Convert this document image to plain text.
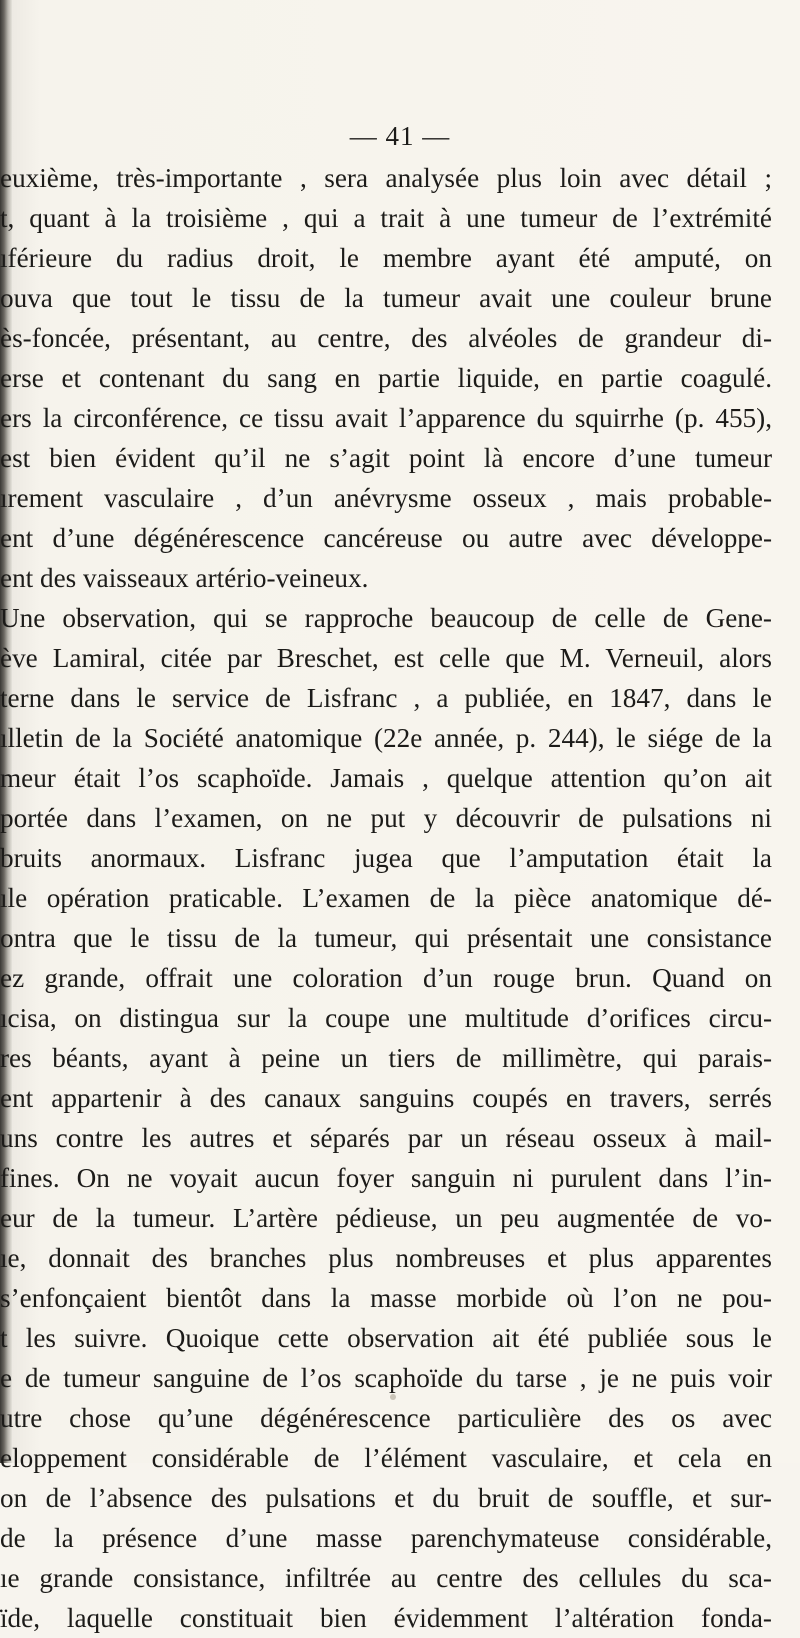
— 41 —
euxième, très-importante , sera analysée plus loin avec détail ;
t, quant à la troisième , qui a trait à une tumeur de l’extrémité
ıférieure du radius droit, le membre ayant été amputé, on
ouva que tout le tissu de la tumeur avait une couleur brune
ès-foncée, présentant, au centre, des alvéoles de grandeur di-
erse et contenant du sang en partie liquide, en partie coagulé.
ers la circonférence, ce tissu avait l’apparence du squirrhe (p. 455),
est bien évident qu’il ne s’agit point là encore d’une tumeur
ırement vasculaire , d’un anévrysme osseux , mais probable-
ent d’une dégénérescence cancéreuse ou autre avec développe-
ent des vaisseaux artério-veineux.
Une observation, qui se rapproche beaucoup de celle de Gene-
ève Lamiral, citée par Breschet, est celle que M. Verneuil, alors
terne dans le service de Lisfranc , a publiée, en 1847, dans le
ılletin de la Société anatomique (22e année, p. 244), le siége de la
meur était l’os scaphoïde. Jamais , quelque attention qu’on ait
portée dans l’examen, on ne put y découvrir de pulsations ni
bruits anormaux. Lisfranc jugea que l’amputation était la
ıle opération praticable. L’examen de la pièce anatomique dé-
ontra que le tissu de la tumeur, qui présentait une consistance
ez grande, offrait une coloration d’un rouge brun. Quand on
ıcisa, on distingua sur la coupe une multitude d’orifices circu-
res béants, ayant à peine un tiers de millimètre, qui parais-
ent appartenir à des canaux sanguins coupés en travers, serrés
uns contre les autres et séparés par un réseau osseux à mail-
fines. On ne voyait aucun foyer sanguin ni purulent dans l’in-
eur de la tumeur. L’artère pédieuse, un peu augmentée de vo-
ıe, donnait des branches plus nombreuses et plus apparentes
s’enfonçaient bientôt dans la masse morbide où l’on ne pou-
t les suivre. Quoique cette observation ait été publiée sous le
e de tumeur sanguine de l’os scaphoïde du tarse , je ne puis voir
utre chose qu’une dégénérescence particulière des os avec
eloppement considérable de l’élément vasculaire, et cela en
on de l’absence des pulsations et du bruit de souffle, et sur-
de la présence d’une masse parenchymateuse considérable,
ıe grande consistance, infiltrée au centre des cellules du sca-
ïde, laquelle constituait bien évidemment l’altération fonda-
